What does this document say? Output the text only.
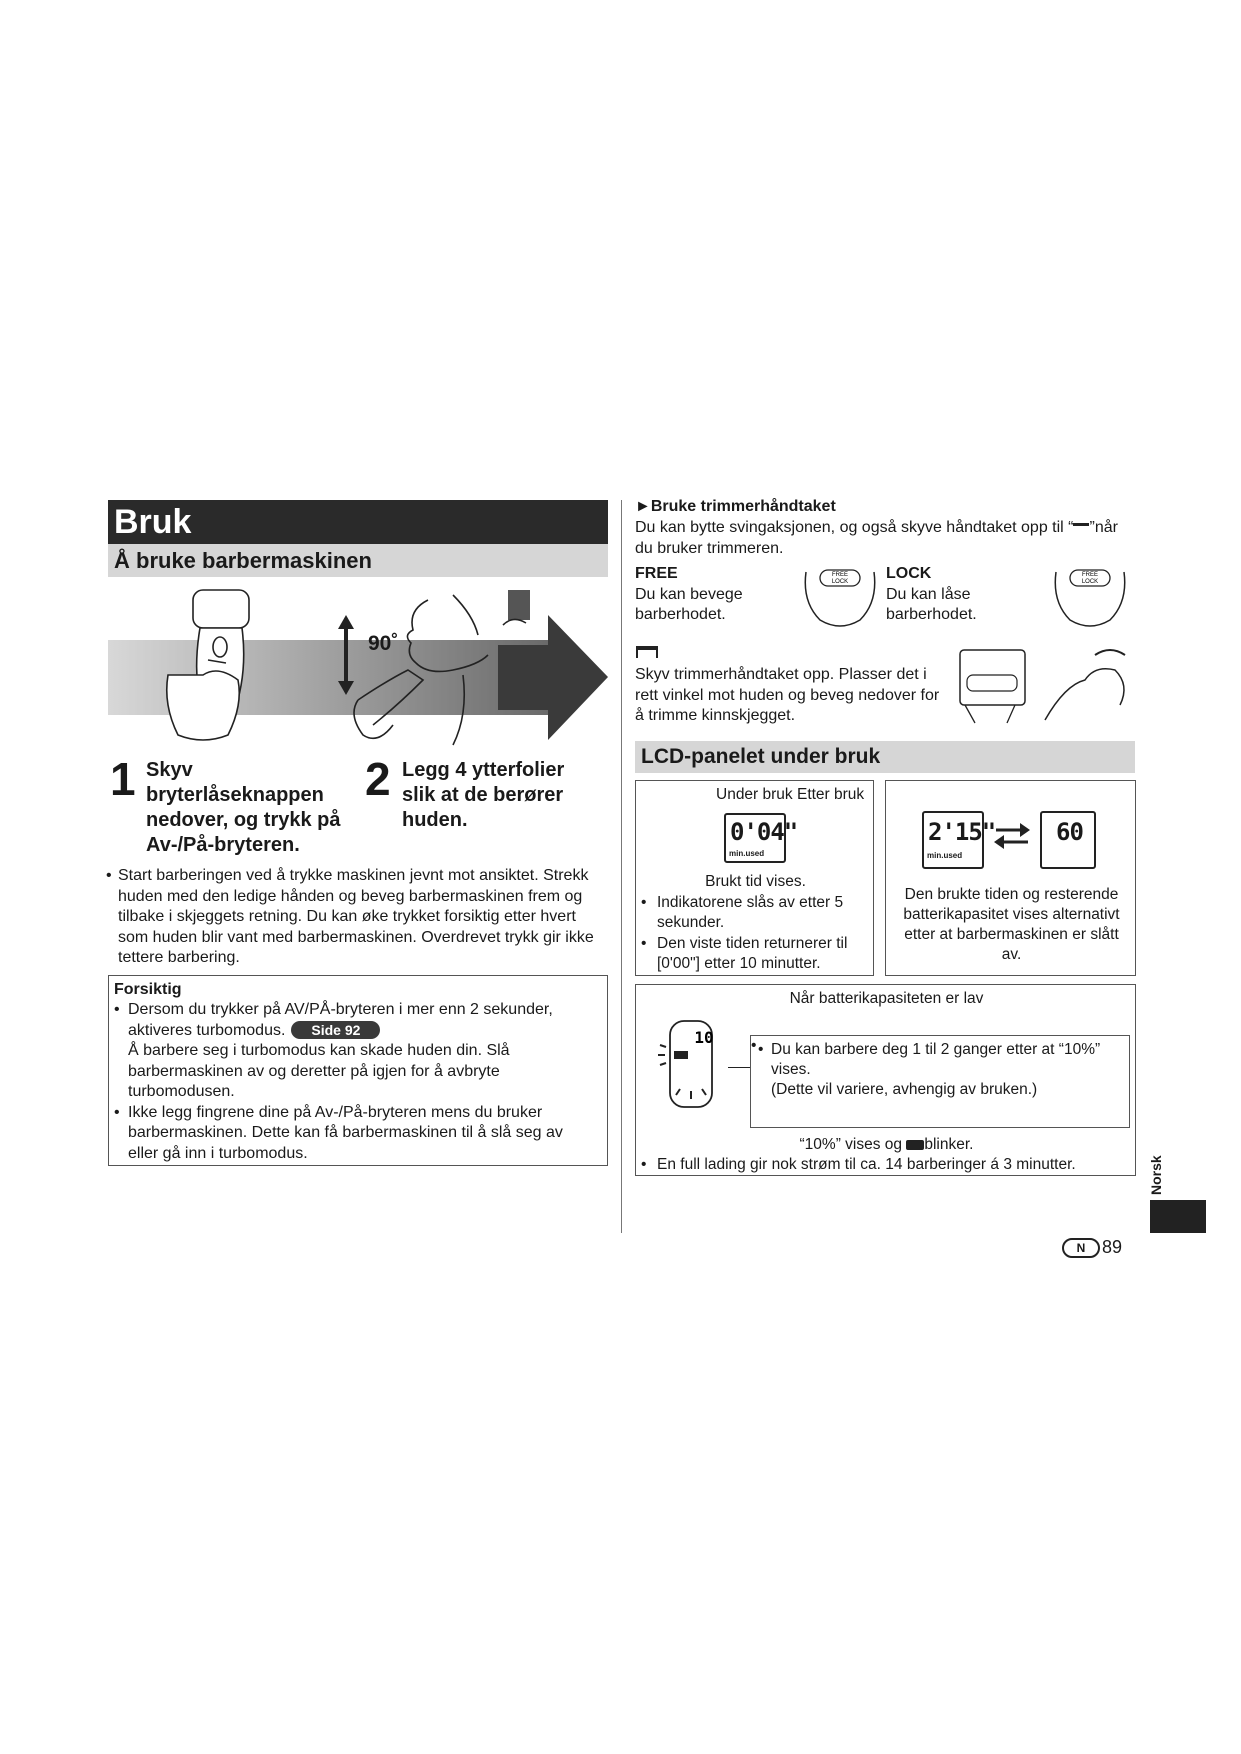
Bruk
Å bruke barbermaskinen
90˚
1 Skyv
bryterlåseknappen
nedover, og trykk på
Av-/På-bryteren.
2 Legg 4 ytterfolier
slik at de berører
huden.
• Start barberingen ved å trykke maskinen jevnt mot ansiktet. Strekk
huden med den ledige hånden og beveg barbermaskinen frem og
tilbake i skjeggets retning. Du kan øke trykket forsiktig etter hvert
som huden blir vant med barbermaskinen. Overdrevet trykk gir ikke
tettere barbering.
Forsiktig
• Dersom du trykker på AV/PÅ-bryteren i mer enn 2 sekunder,
aktiveres turbomodus. Side 92
Å barbere seg i turbomodus kan skade huden din. Slå
barbermaskinen av og deretter på igjen for å avbryte
turbomodusen.
• Ikke legg fingrene dine på Av-/På-bryteren mens du bruker
barbermaskinen. Dette kan få barbermaskinen til å slå seg av
eller gå inn i turbomodus.
►Bruke trimmerhåndtaket
Du kan bytte svingaksjonen, og også skyve håndtaket opp til “ ”når
du bruker trimmeren.
FREE
Du kan bevege
barberhodet.
FREE
LOCK LOCK
Du kan låse
barberhodet.
FREE
LOCK
Skyv trimmerhåndtaket opp. Plasser det i
rett vinkel mot huden og beveg nedover for
å trimme kinnskjegget.
LCD-panelet under bruk
Under bruk Etter bruk
0'04"
min.used
Brukt tid vises.
• Indikatorene slås av etter 5
sekunder.
• Den viste tiden returnerer til
[0'00"] etter 10 minutter.
2'15"
min.used
60
Den brukte tiden og resterende
batterikapasitet vises alternativt
etter at barbermaskinen er slått
av.
Når batterikapasiteten er lav
10
• • Du kan barbere deg 1 til 2 ganger etter at “10%”
vises.
(Dette vil variere, avhengig av bruken.)
“10%” vises og blinker.
• En full lading gir nok strøm til ca. 14 barberinger á 3 minutter.	Norsk
N 89
